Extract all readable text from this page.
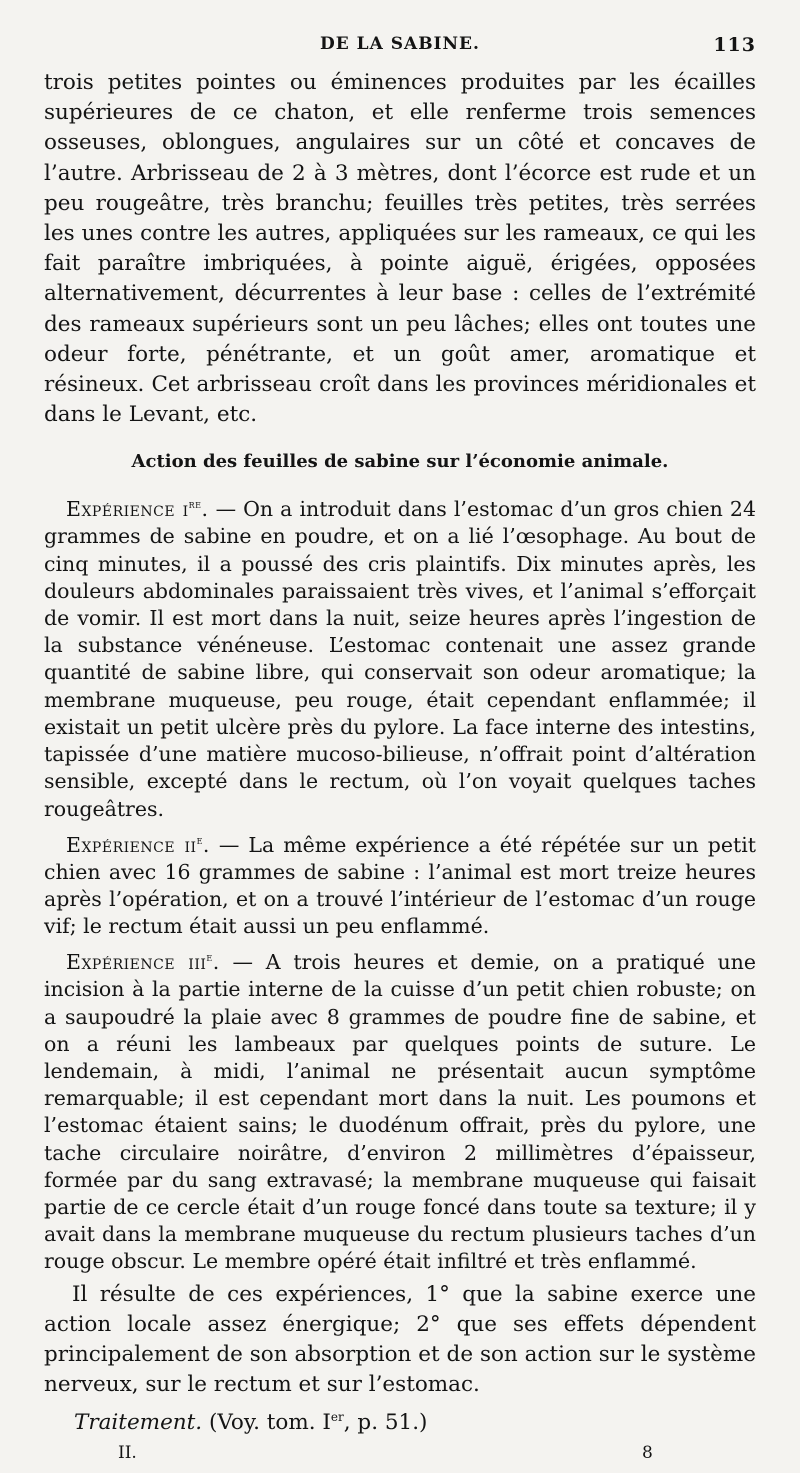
DE LA SABINE.	113

trois petites pointes ou éminences produites par les écailles supérieures de ce chaton, et elle renferme trois semences osseuses, oblongues, angulaires sur un côté et concaves de l’autre. Arbrisseau de 2 à 3 mètres, dont l’écorce est rude et un peu rougeâtre, très branchu; feuilles très petites, très serrées les unes contre les autres, appliquées sur les rameaux, ce qui les fait paraître imbriquées, à pointe aiguë, érigées, opposées alternativement, décurrentes à leur base : celles de l’extrémité des rameaux supérieurs sont un peu lâches; elles ont toutes une odeur forte, pénétrante, et un goût amer, aromatique et résineux. Cet arbrisseau croît dans les provinces méridionales et dans le Levant, etc.

Action des feuilles de sabine sur l’économie animale.

Expérience $i^{re}$. — On a introduit dans l’estomac d’un gros chien 24 grammes de sabine en poudre, et on a lié l’œsophage. Au bout de cinq minutes, il a poussé des cris plaintifs. Dix minutes après, les douleurs abdominales paraissaient très vives, et l’animal s’efforçait de vomir. Il est mort dans la nuit, seize heures après l’ingestion de la substance vénéneuse. L’estomac contenait une assez grande quantité de sabine libre, qui conservait son odeur aromatique; la membrane muqueuse, peu rouge, était cependant enflammée; il existait un petit ulcère près du pylore. La face interne des intestins, tapissée d’une matière mucoso-bilieuse, n’offrait point d’altération sensible, excepté dans le rectum, où l’on voyait quelques taches rougeâtres.

Expérience $ii^e$. — La même expérience a été répétée sur un petit chien avec 16 grammes de sabine : l’animal est mort treize heures après l’opération, et on a trouvé l’intérieur de l’estomac d’un rouge vif; le rectum était aussi un peu enflammé.

Expérience iii$^e$. — A trois heures et demie, on a pratiqué une incision à la partie interne de la cuisse d’un petit chien robuste; on a saupoudré la plaie avec 8 grammes de poudre fine de sabine, et on a réuni les lambeaux par quelques points de suture. Le lendemain, à midi, l’animal ne présentait aucun symptôme remarquable; il est cependant mort dans la nuit. Les poumons et l’estomac étaient sains; le duodénum offrait, près du pylore, une tache circulaire noirâtre, d’environ 2 millimètres d’épaisseur, formée par du sang extravasé; la membrane muqueuse qui faisait partie de ce cercle était d’un rouge foncé dans toute sa texture; il y avait dans la membrane muqueuse du rectum plusieurs taches d’un rouge obscur. Le membre opéré était infiltré et très enflammé.

Il résulte de ces expériences, 1° que la sabine exerce une action locale assez énergique; 2° que ses effets dépendent principalement de son absorption et de son action sur le système nerveux, sur le rectum et sur l’estomac.

Traitement. (Voy. tom. Ier, p. 51.)

II.	8
